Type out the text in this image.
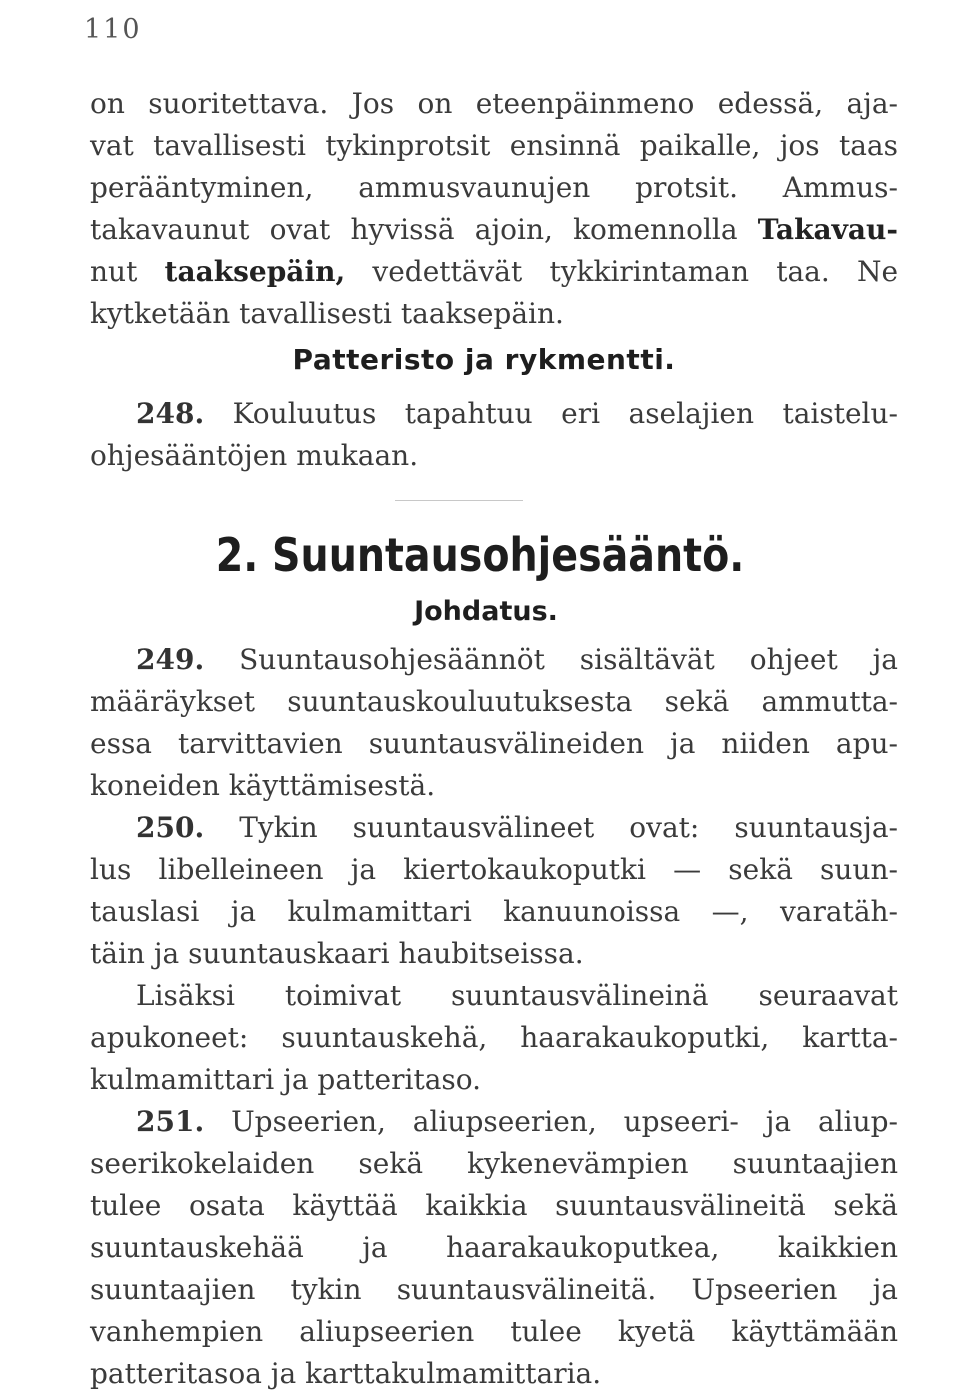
110
on suoritettava. Jos on eteenpäinmeno edessä, aja-
vat tavallisesti tykinprotsit ensinnä paikalle, jos taas
perääntyminen, ammusvaunujen protsit. Ammus-
takavaunut ovat hyvissä ajoin, komennolla Takavau-
nut taaksepäin, vedettävät tykkirintaman taa. Ne
kytketään tavallisesti taaksepäin.
Patteristo ja rykmentti.
248. Kouluutus tapahtuu eri aselajien taistelu-
ohjesääntöjen mukaan.
2. Suuntausohjesääntö.
Johdatus.
249. Suuntausohjesäännöt sisältävät ohjeet ja
määräykset suuntauskouluutuksesta sekä ammutta-
essa tarvittavien suuntausvälineiden ja niiden apu-
koneiden käyttämisestä.
250. Tykin suuntausvälineet ovat: suuntausja-
lus libelleineen ja kiertokaukoputki — sekä suun-
tauslasi ja kulmamittari kanuunoissa —, varatäh-
täin ja suuntauskaari haubitseissa.
Lisäksi toimivat suuntausvälineinä seuraavat
apukoneet: suuntauskehä, haarakaukoputki, kartta-
kulmamittari ja patteritaso.
251. Upseerien, aliupseerien, upseeri- ja aliup-
seerikokelaiden sekä kykenevämpien suuntaajien
tulee osata käyttää kaikkia suuntausvälineitä sekä
suuntauskehää ja haarakaukoputkea, kaikkien
suuntaajien tykin suuntausvälineitä. Upseerien ja
vanhempien aliupseerien tulee kyetä käyttämään
patteritasoa ja karttakulmamittaria.
